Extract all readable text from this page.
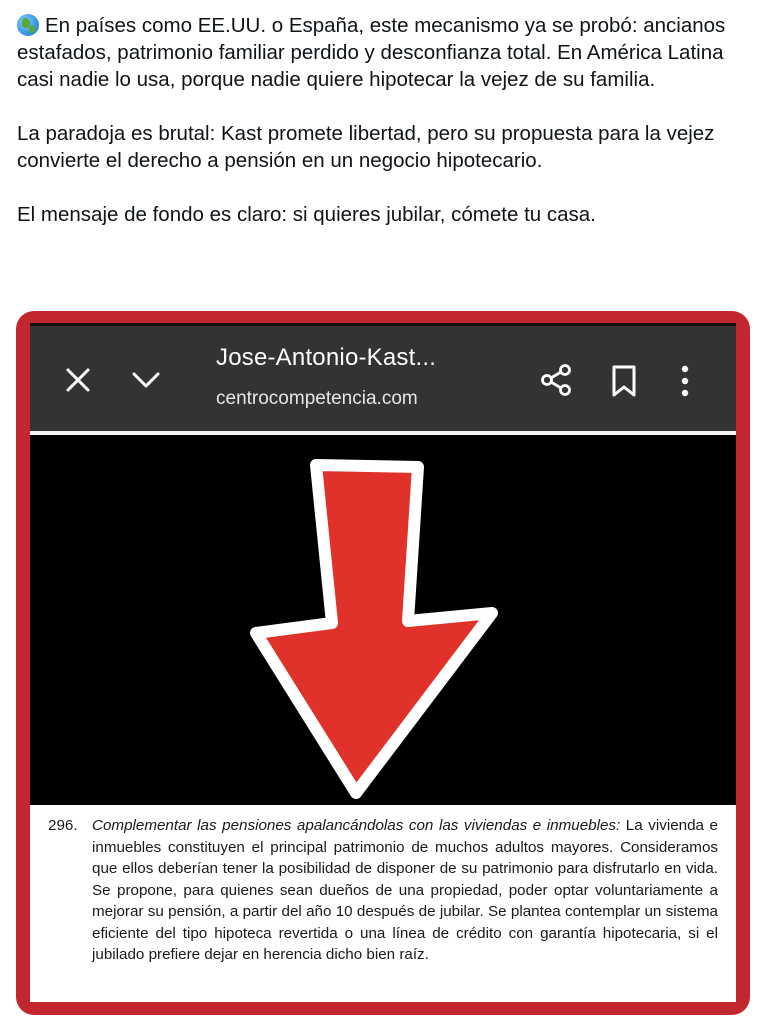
En países como EE.UU. o España, este mecanismo ya se probó: ancianos estafados, patrimonio familiar perdido y desconfianza total. En América Latina casi nadie lo usa, porque nadie quiere hipotecar la vejez de su familia.

La paradoja es brutal: Kast promete libertad, pero su propuesta para la vejez convierte el derecho a pensión en un negocio hipotecario.

El mensaje de fondo es claro: si quieres jubilar, cómete tu casa.

Jose-Antonio-Kast...
centrocompetencia.com
296. Complementar las pensiones apalancándolas con las viviendas e inmuebles: La vivienda e inmuebles constituyen el principal patrimonio de muchos adultos mayores. Consideramos que ellos deberían tener la posibilidad de disponer de su patrimonio para disfrutarlo en vida. Se propone, para quienes sean dueños de una propiedad, poder optar voluntariamente a mejorar su pensión, a partir del año 10 después de jubilar. Se plantea contemplar un sistema eficiente del tipo hipoteca revertida o una línea de crédito con garantía hipotecaria, si el jubilado prefiere dejar en herencia dicho bien raíz.
